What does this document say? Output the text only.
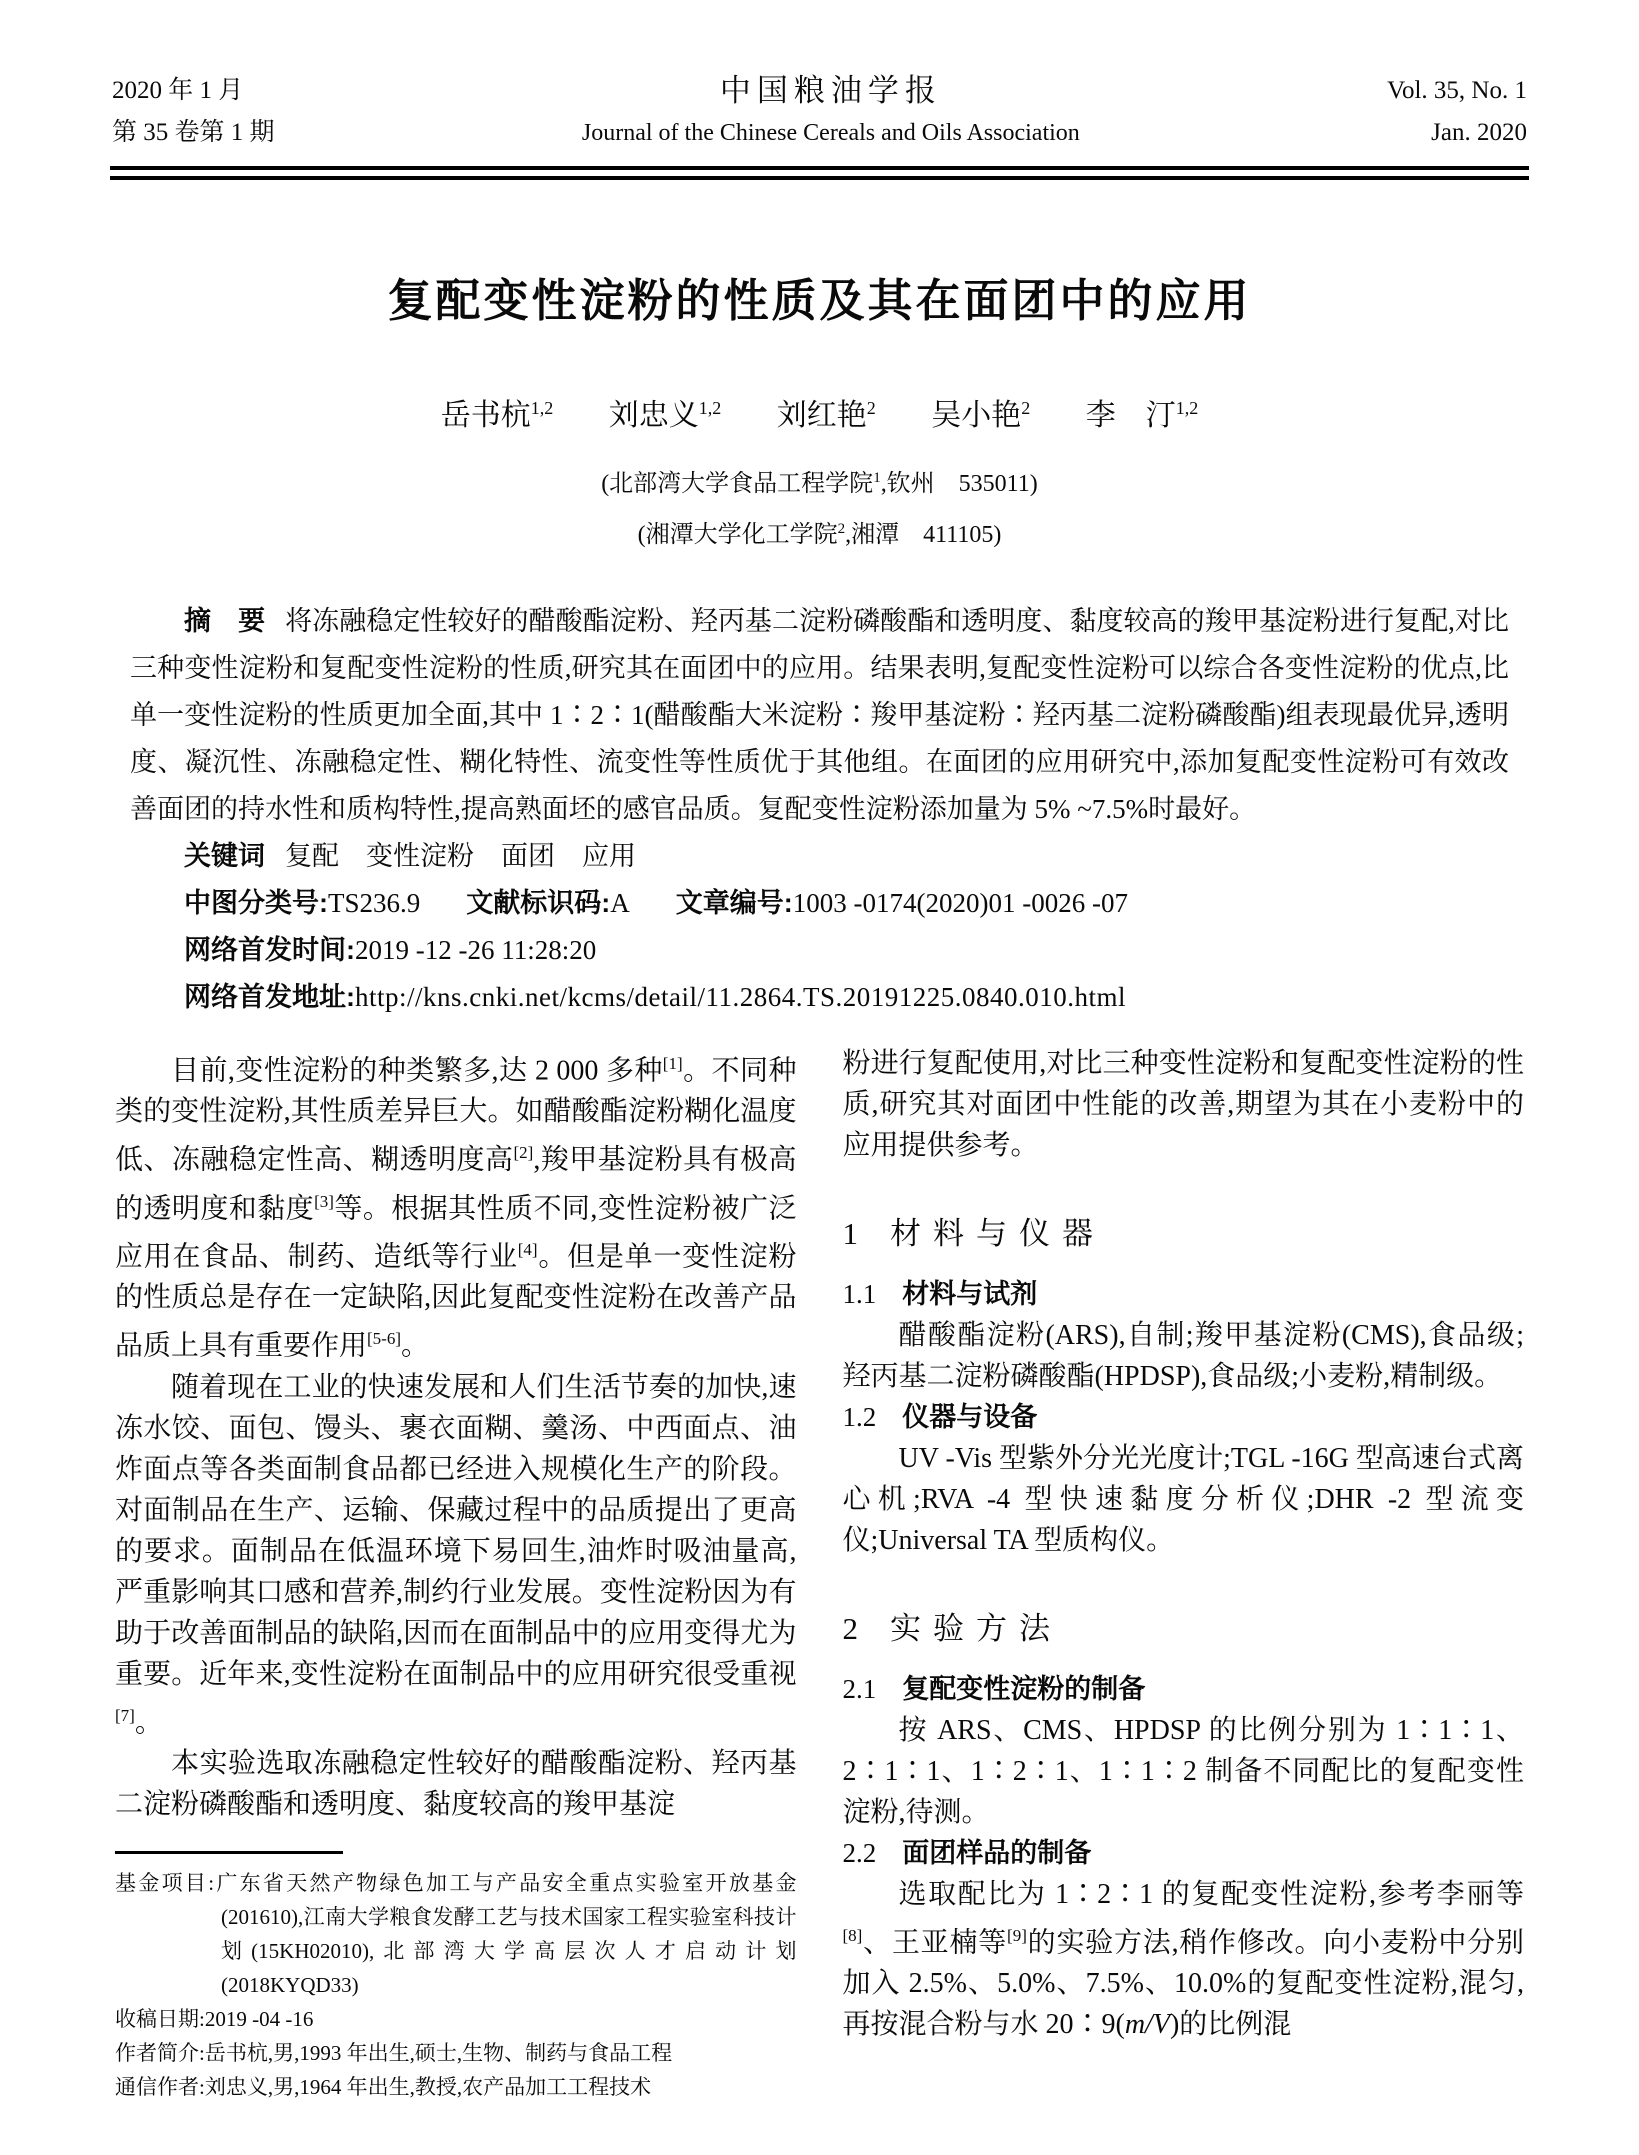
2020 年 1 月
第 35 卷第 1 期
中国粮油学报
Journal of the Chinese Cereals and Oils Association
Vol. 35, No. 1
Jan. 2020
复配变性淀粉的性质及其在面团中的应用
岳书杭$^{1,2}$ 刘忠义$^{1,2}$ 刘红艳$^2$ 吴小艳$^2$ 李　汀$^{1,2}$
(北部湾大学食品工程学院$^1$,钦州　535011)
(湘潭大学化工学院$^2$,湘潭　411105)

摘　要 将冻融稳定性较好的醋酸酯淀粉、羟丙基二淀粉磷酸酯和透明度、黏度较高的羧甲基淀粉进行复配,对比三种变性淀粉和复配变性淀粉的性质,研究其在面团中的应用。结果表明,复配变性淀粉可以综合各变性淀粉的优点,比单一变性淀粉的性质更加全面,其中 1∶2∶1(醋酸酯大米淀粉∶羧甲基淀粉∶羟丙基二淀粉磷酸酯)组表现最优异,透明度、凝沉性、冻融稳定性、糊化特性、流变性等性质优于其他组。在面团的应用研究中,添加复配变性淀粉可有效改善面团的持水性和质构特性,提高熟面坯的感官品质。复配变性淀粉添加量为 5% ~7.5%时最好。

关键词 复配　变性淀粉　面团　应用

中图分类号:TS236.9 文献标识码:A 文章编号:1003 -0174(2020)01 -0026 -07

网络首发时间:2019 -12 -26 11:28:20

网络首发地址:http://kns.cnki.net/kcms/detail/11.2864.TS.20191225.0840.010.html

目前,变性淀粉的种类繁多,达 2 000 多种[1]。不同种类的变性淀粉,其性质差异巨大。如醋酸酯淀粉糊化温度低、冻融稳定性高、糊透明度高[2],羧甲基淀粉具有极高的透明度和黏度[3]等。根据其性质不同,变性淀粉被广泛应用在食品、制药、造纸等行业[4]。但是单一变性淀粉的性质总是存在一定缺陷,因此复配变性淀粉在改善产品品质上具有重要作用[5-6]。

随着现在工业的快速发展和人们生活节奏的加快,速冻水饺、面包、馒头、裹衣面糊、羹汤、中西面点、油炸面点等各类面制食品都已经进入规模化生产的阶段。对面制品在生产、运输、保藏过程中的品质提出了更高的要求。面制品在低温环境下易回生,油炸时吸油量高,严重影响其口感和营养,制约行业发展。变性淀粉因为有助于改善面制品的缺陷,因而在面制品中的应用变得尤为重要。近年来,变性淀粉在面制品中的应用研究很受重视[7]。

本实验选取冻融稳定性较好的醋酸酯淀粉、羟丙基二淀粉磷酸酯和透明度、黏度较高的羧甲基淀

基金项目:广东省天然产物绿色加工与产品安全重点实验室开放基金(201610),江南大学粮食发酵工艺与技术国家工程实验室科技计划(15KH02010),北部湾大学高层次人才启动计划(2018KYQD33)

收稿日期:2019 -04 -16

作者简介:岳书杭,男,1993 年出生,硕士,生物、制药与食品工程

通信作者:刘忠义,男,1964 年出生,教授,农产品加工工程技术

粉进行复配使用,对比三种变性淀粉和复配变性淀粉的性质,研究其对面团中性能的改善,期望为其在小麦粉中的应用提供参考。

1 材料与仪器
1.1 材料与试剂

醋酸酯淀粉(ARS),自制;羧甲基淀粉(CMS),食品级;羟丙基二淀粉磷酸酯(HPDSP),食品级;小麦粉,精制级。

1.2 仪器与设备

UV -Vis 型紫外分光光度计;TGL -16G 型高速台式离心机;RVA -4 型快速黏度分析仪;DHR -2 型流变仪;Universal TA 型质构仪。

2 实验方法
2.1 复配变性淀粉的制备

按 ARS、CMS、HPDSP 的比例分别为 1∶1∶1、2∶1∶1、1∶2∶1、1∶1∶2 制备不同配比的复配变性淀粉,待测。

2.2 面团样品的制备

选取配比为 1∶2∶1 的复配变性淀粉,参考李丽等[8]、王亚楠等[9]的实验方法,稍作修改。向小麦粉中分别加入 2.5%、5.0%、7.5%、10.0%的复配变性淀粉,混匀,再按混合粉与水 20∶9(m/V)的比例混
